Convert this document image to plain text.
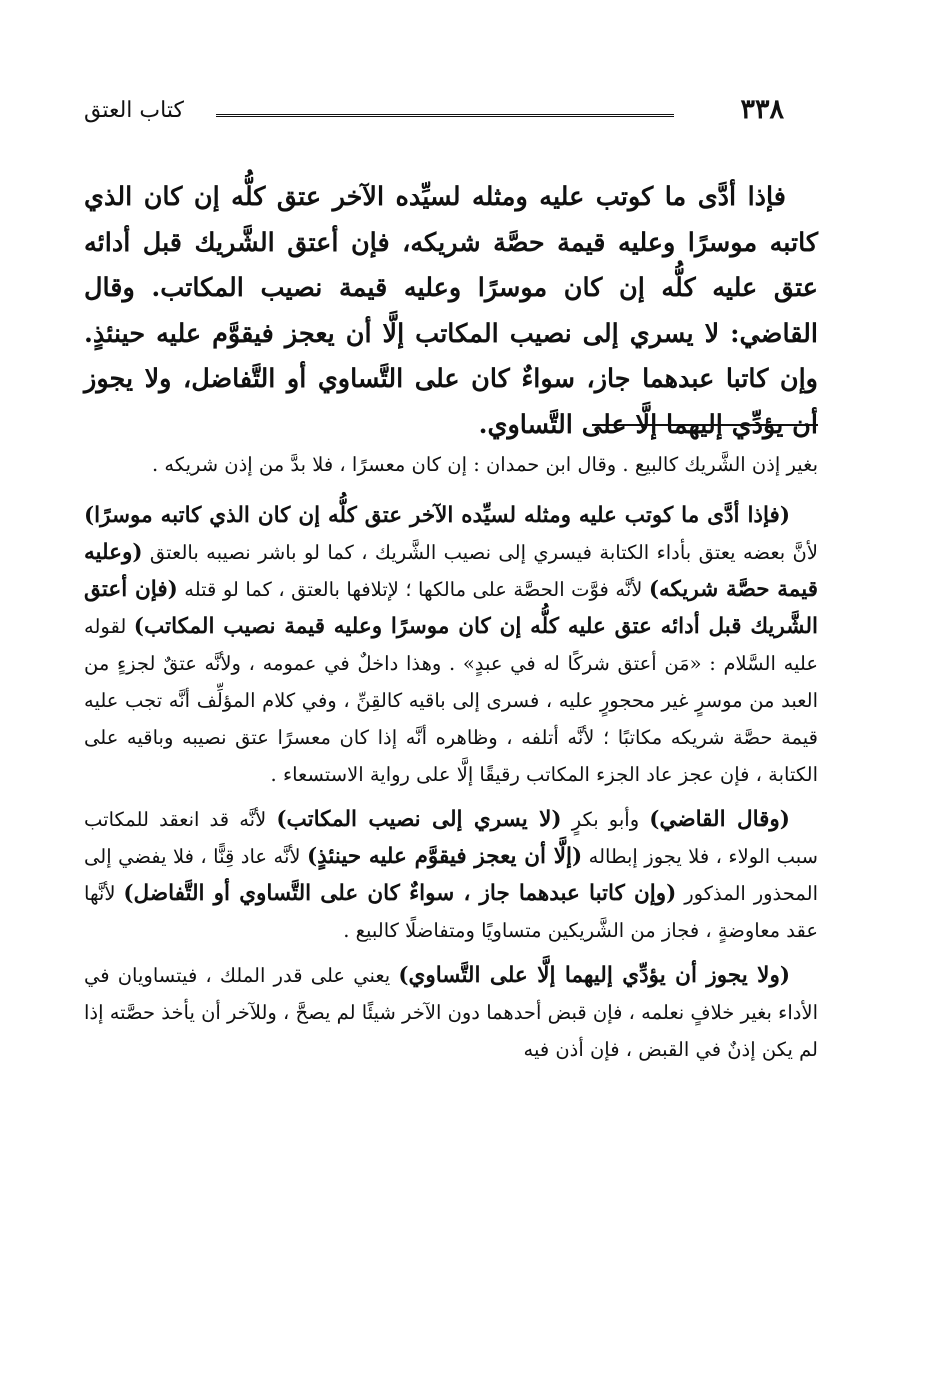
٣٣٨
كتاب العتق

فإذا أدَّى ما كوتب عليه ومثله لسيِّده الآخر عتق كلُّه إن كان الذي كاتبه موسرًا وعليه قيمة حصَّة شريكه، فإن أعتق الشَّريك قبل أدائه عتق عليه كلُّه إن كان موسرًا وعليه قيمة نصيب المكاتب. وقال القاضي: لا يسري إلى نصيب المكاتب إلَّا أن يعجز فيقوَّم عليه حينئذٍ. وإن كاتبا عبدهما جاز، سواءٌ كان على التَّساوي أو التَّفاضل، ولا يجوز أن يؤدِّي إليهما إلَّا على التَّساوي.

بغير إذن الشَّريك كالبيع . وقال ابن حمدان : إن كان معسرًا ، فلا بدَّ من إذن شريكه .

(فإذا أدَّى ما كوتب عليه ومثله لسيِّده الآخر عتق كلُّه إن كان الذي كاتبه موسرًا) لأنَّ بعضه يعتق بأداء الكتابة فيسري إلى نصيب الشَّريك ، كما لو باشر نصيبه بالعتق (وعليه قيمة حصَّة شريكه) لأنَّه فوَّت الحصَّة على مالكها ؛ لإتلافها بالعتق ، كما لو قتله (فإن أعتق الشَّريك قبل أدائه عتق عليه كلُّه إن كان موسرًا وعليه قيمة نصيب المكاتب) لقوله عليه السَّلام : «مَن أعتق شركًا له في عبدٍ» . وهذا داخلٌ في عمومه ، ولأنَّه عتقٌ لجزءٍ من العبد من موسرٍ غير محجورٍ عليه ، فسرى إلى باقيه كالقِنِّ ، وفي كلام المؤلِّف أنَّه تجب عليه قيمة حصَّة شريكه مكاتبًا ؛ لأنَّه أتلفه ، وظاهره أنَّه إذا كان معسرًا عتق نصيبه وباقيه على الكتابة ، فإن عجز عاد الجزء المكاتب رقيقًا إلَّا على رواية الاستسعاء .

(وقال القاضي) وأبو بكرٍ (لا يسري إلى نصيب المكاتب) لأنَّه قد انعقد للمكاتب سبب الولاء ، فلا يجوز إبطاله (إلَّا أن يعجز فيقوَّم عليه حينئذٍ) لأنَّه عاد قِنًّا ، فلا يفضي إلى المحذور المذكور (وإن كاتبا عبدهما جاز ، سواءٌ كان على التَّساوي أو التَّفاضل) لأنَّها عقد معاوضةٍ ، فجاز من الشَّريكين متساويًا ومتفاضلًا كالبيع .

(ولا يجوز أن يؤدِّي إليهما إلَّا على التَّساوي) يعني على قدر الملك ، فيتساويان في الأداء بغير خلافٍ نعلمه ، فإن قبض أحدهما دون الآخر شيئًا لم يصحَّ ، وللآخر أن يأخذ حصَّته إذا لم يكن إذنٌ في القبض ، فإن أذن فيه
